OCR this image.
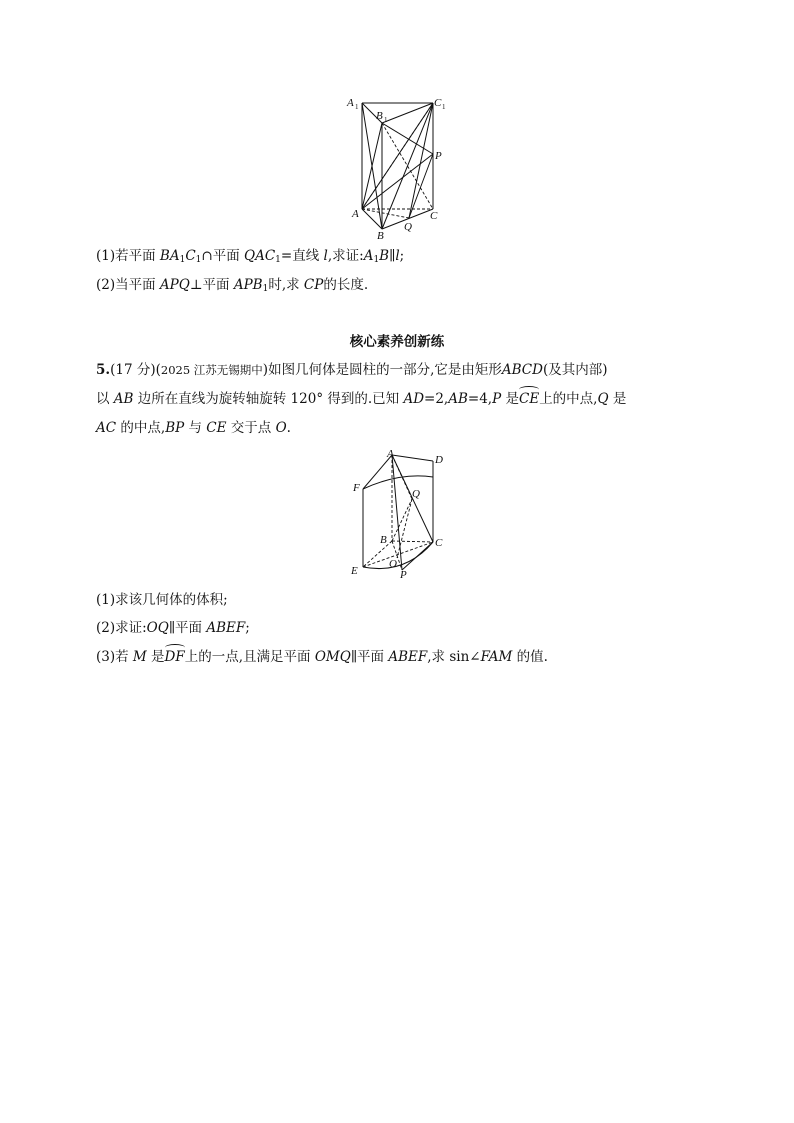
A 1
B 1
C 1
P
A
B
Q
C
(1)若平面 $BA_1C_1\cap$平面 $QAC_1=$直线 l,求证$:A_1B\parallel l$;
(2)当平面 APQ⊥平面 $APB_1$时,求 CP的长度.
核心素养创新练
5.(17 分)(2025 江苏无锡期中)如图几何体是圆柱的一部分,它是由矩形ABCD(及其内部)
以 AB 边所在直线为旋转轴旋转 120° 得到的.已知 AD=2,AB=4,P 是CE上的中点,Q 是
AC 的中点,BP 与 CE 交于点 O.
A	D
F	Q
B	C
E
O
P
(1)求该几何体的体积;
(2)求证:OQ∥平面 ABEF;
(3)若 M 是DF上的一点,且满足平面 OMQ∥平面 ABEF,求 sin∠FAM 的值.
